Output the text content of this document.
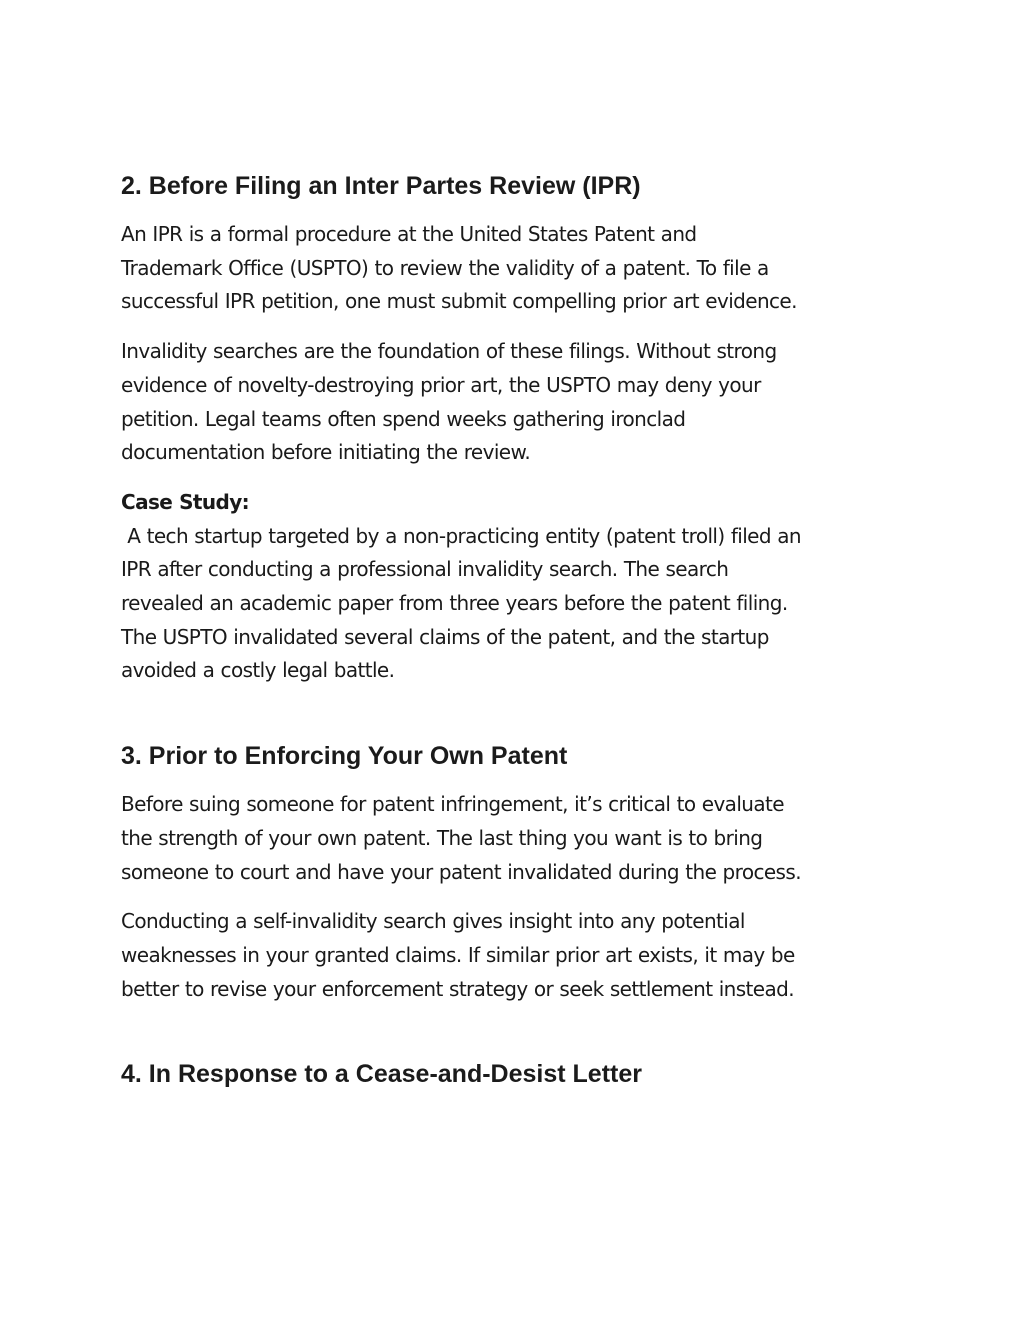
2. Before Filing an Inter Partes Review (IPR)

An IPR is a formal procedure at the United States Patent and
Trademark Office (USPTO) to review the validity of a patent. To file a
successful IPR petition, one must submit compelling prior art evidence.

Invalidity searches are the foundation of these filings. Without strong
evidence of novelty-destroying prior art, the USPTO may deny your
petition. Legal teams often spend weeks gathering ironclad
documentation before initiating the review.

Case Study:
A tech startup targeted by a non-practicing entity (patent troll) filed an
IPR after conducting a professional invalidity search. The search
revealed an academic paper from three years before the patent filing.
The USPTO invalidated several claims of the patent, and the startup
avoided a costly legal battle.

3. Prior to Enforcing Your Own Patent

Before suing someone for patent infringement, it’s critical to evaluate
the strength of your own patent. The last thing you want is to bring
someone to court and have your patent invalidated during the process.

Conducting a self-invalidity search gives insight into any potential
weaknesses in your granted claims. If similar prior art exists, it may be
better to revise your enforcement strategy or seek settlement instead.

4. In Response to a Cease-and-Desist Letter
